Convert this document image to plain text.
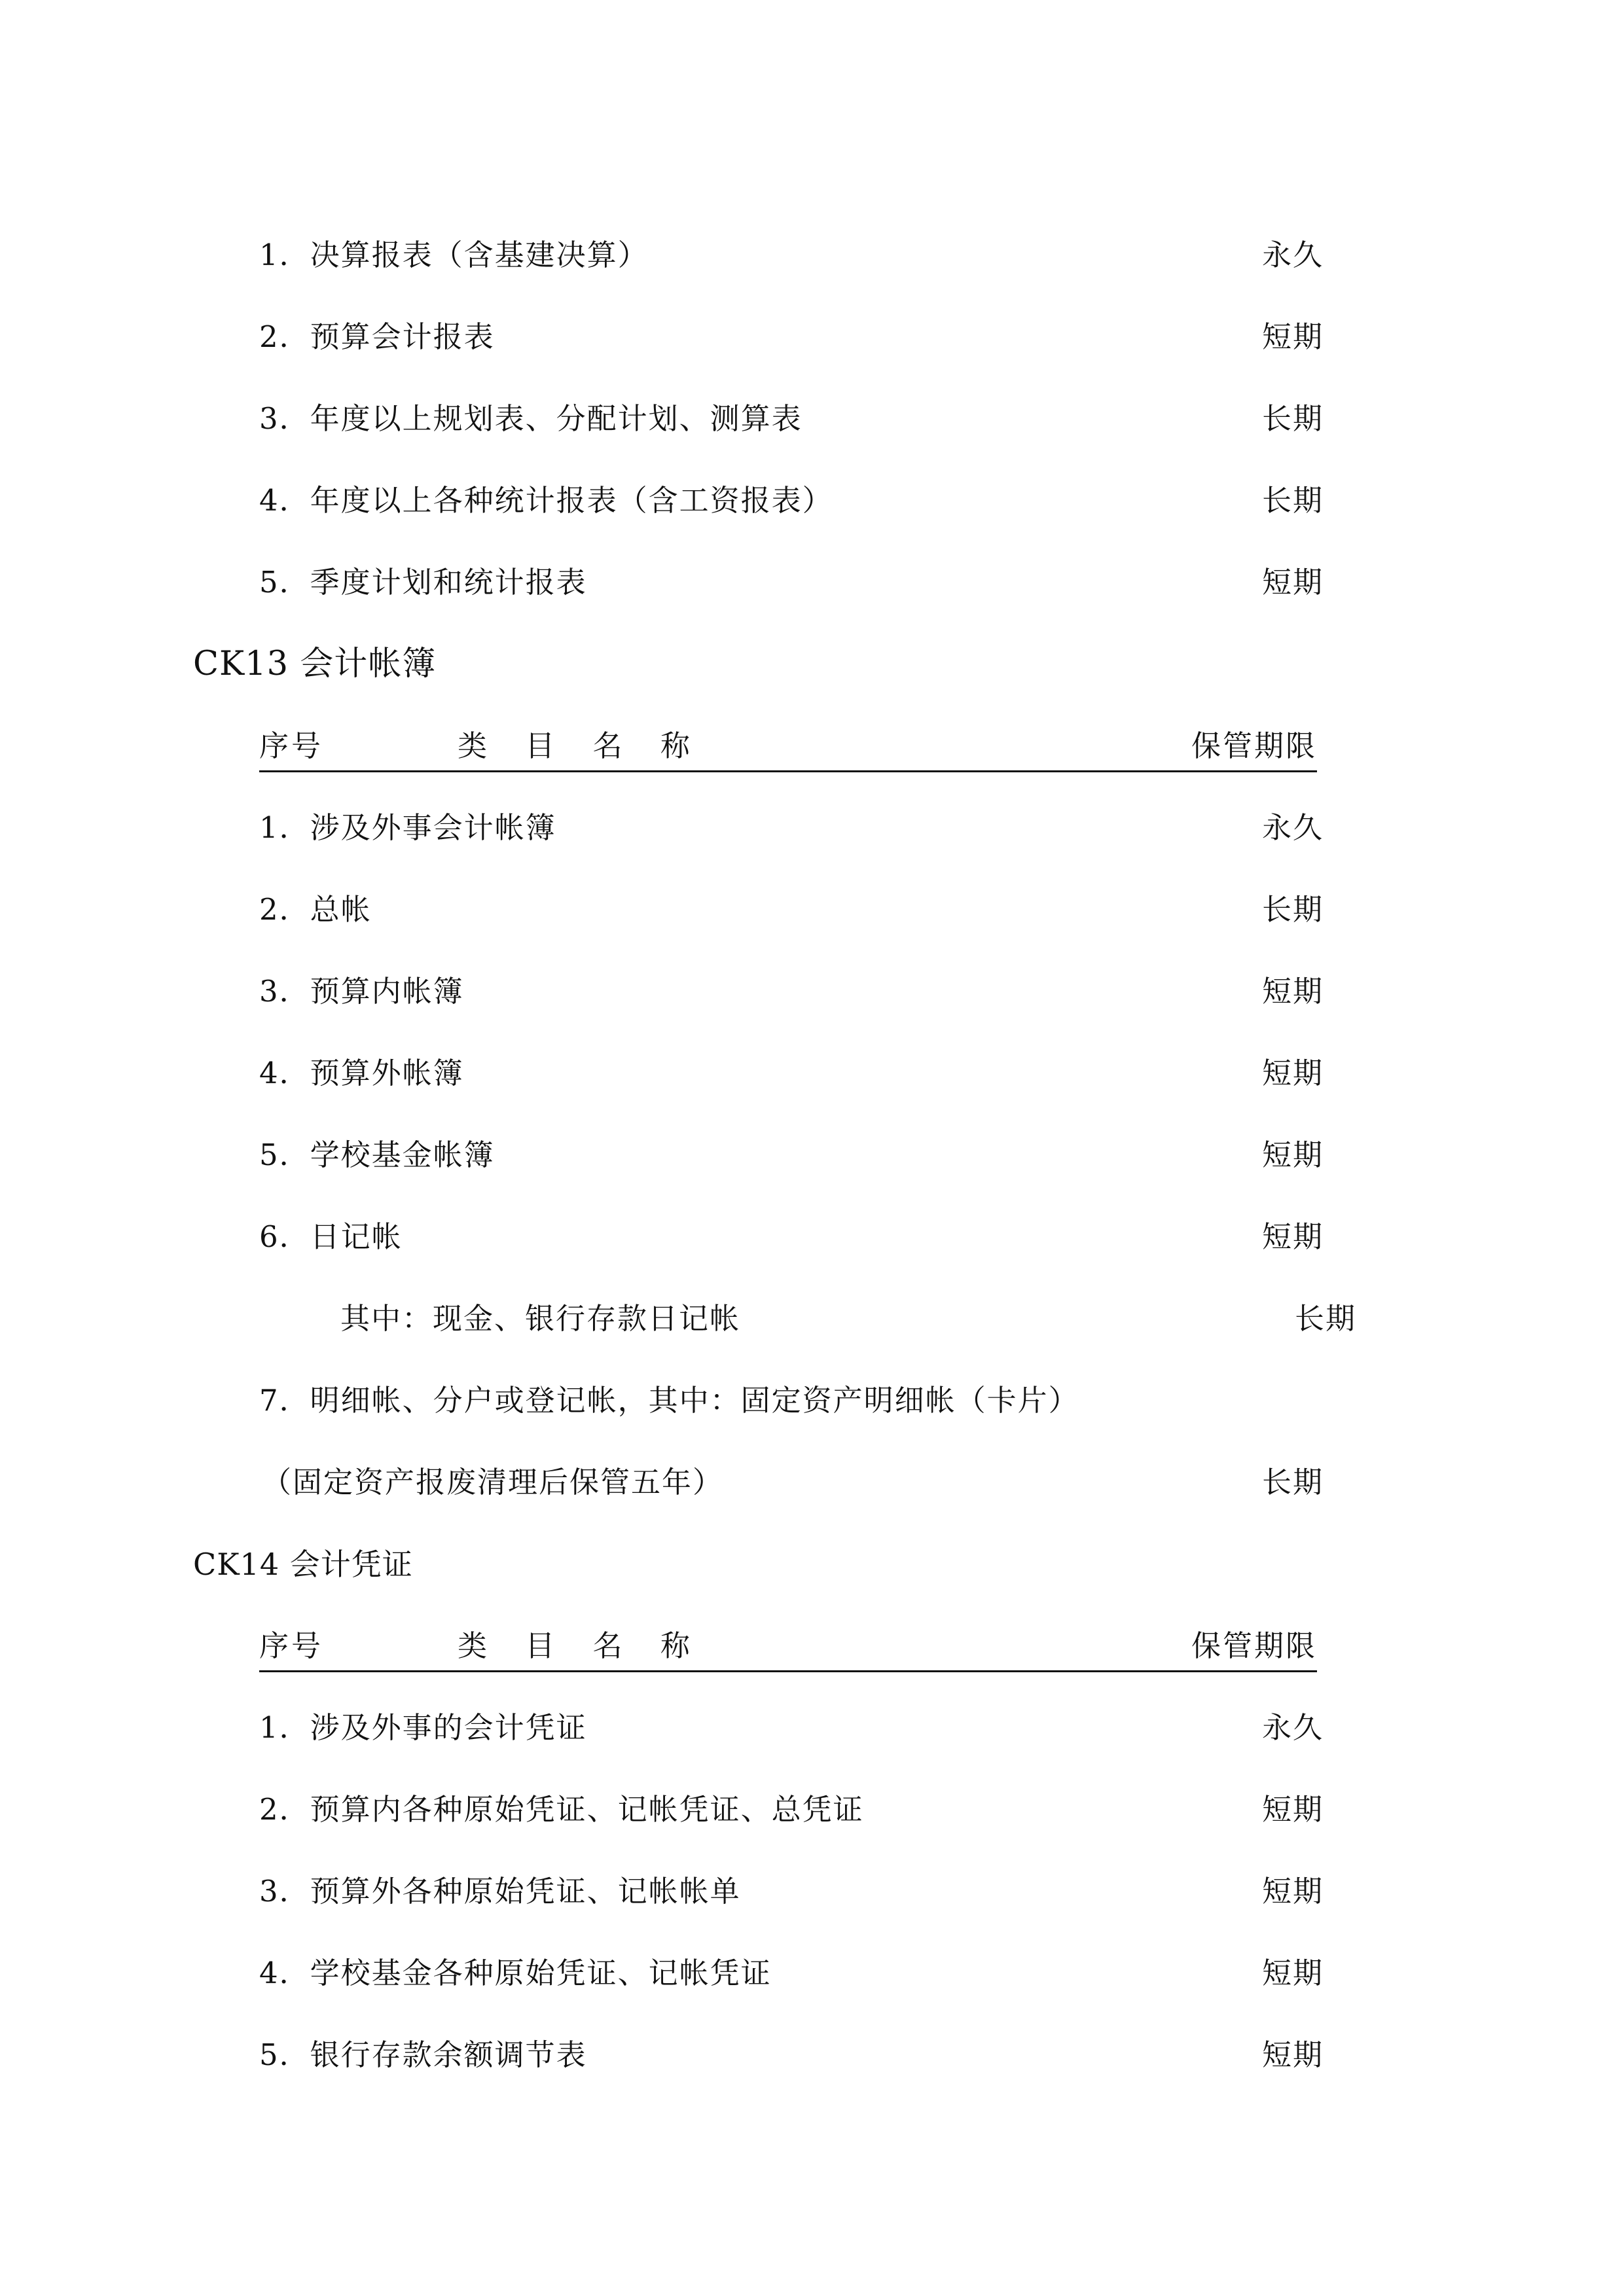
1．决算报表（含基建决算）	永久
2．预算会计报表	短期
3．年度以上规划表、分配计划、测算表	长期
4．年度以上各种统计报表（含工资报表）	长期
5．季度计划和统计报表	短期
CK13 会计帐簿
序号	类 目 名 称	保管期限
1．涉及外事会计帐簿	永久
2．总帐	长期
3．预算内帐簿	短期
4．预算外帐簿	短期
5．学校基金帐簿	短期
6．日记帐	短期
其中：现金、银行存款日记帐	长期
7．明细帐、分户或登记帐，其中：固定资产明细帐（卡片）
（固定资产报废清理后保管五年）	长期
CK14 会计凭证
序号	类 目 名 称	保管期限
1．涉及外事的会计凭证	永久
2．预算内各种原始凭证、记帐凭证、总凭证	短期
3．预算外各种原始凭证、记帐帐单	短期
4．学校基金各种原始凭证、记帐凭证	短期
5．银行存款余额调节表	短期
